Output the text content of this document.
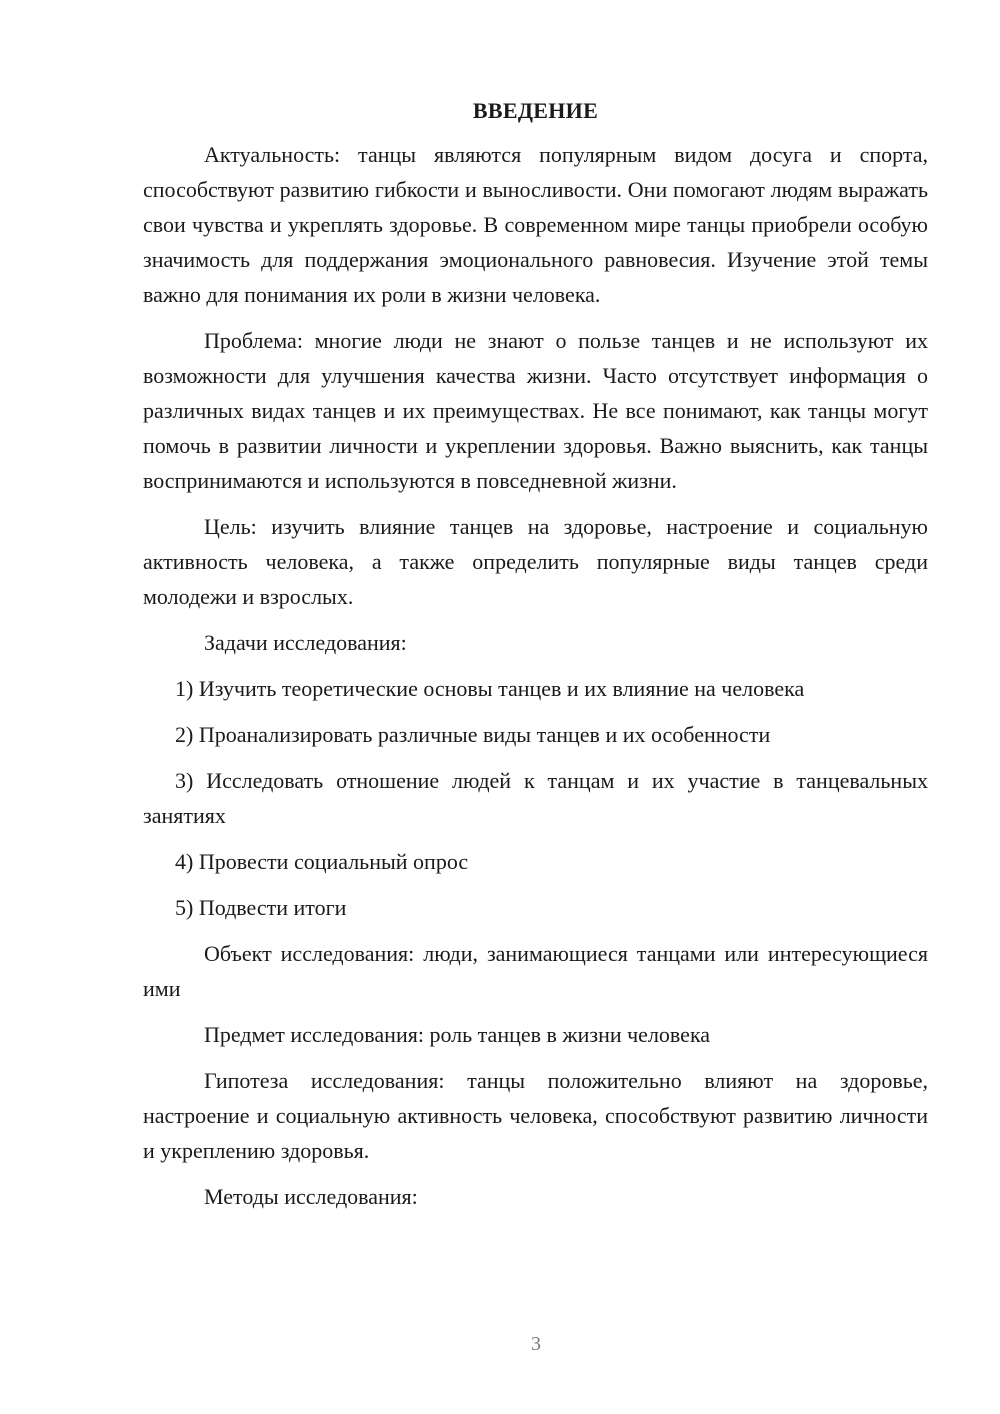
ВВЕДЕНИЕ

Актуальность: танцы являются популярным видом досуга и спорта, способствуют развитию гибкости и выносливости. Они помогают людям выражать свои чувства и укреплять здоровье. В современном мире танцы приобрели особую значимость для поддержания эмоционального равновесия. Изучение этой темы важно для понимания их роли в жизни человека.

Проблема: многие люди не знают о пользе танцев и не используют их возможности для улучшения качества жизни. Часто отсутствует информация о различных видах танцев и их преимуществах. Не все понимают, как танцы могут помочь в развитии личности и укреплении здоровья. Важно выяснить, как танцы воспринимаются и используются в повседневной жизни.

Цель: изучить влияние танцев на здоровье, настроение и социальную активность человека, а также определить популярные виды танцев среди молодежи и взрослых.

Задачи исследования:

1) Изучить теоретические основы танцев и их влияние на человека

2) Проанализировать различные виды танцев и их особенности

3) Исследовать отношение людей к танцам и их участие в танцевальных занятиях

4) Провести социальный опрос

5) Подвести итоги

Объект исследования: люди, занимающиеся танцами или интересующиеся ими

Предмет исследования: роль танцев в жизни человека

Гипотеза исследования: танцы положительно влияют на здоровье, настроение и социальную активность человека, способствуют развитию личности и укреплению здоровья.

Методы исследования:

3
